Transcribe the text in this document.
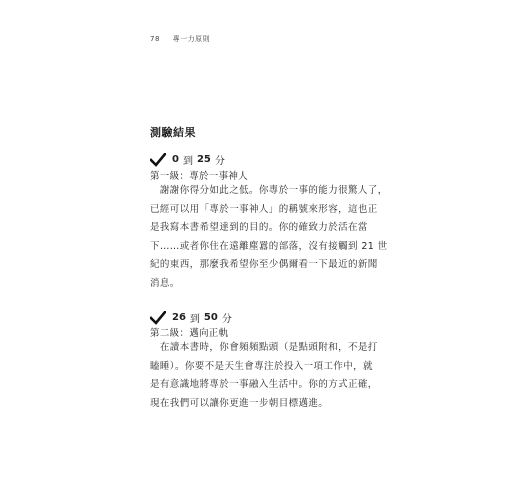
78 專一力原則
測驗結果
0 到 25 分
第一級：專於一事神人
　謝謝你得分如此之低。你專於一事的能力很驚人了，
已經可以用「專於一事神人」的稱號來形容，這也正
是我寫本書希望達到的目的。你的確致力於活在當
下……或者你住在遠離塵囂的部落，沒有接觸到 21 世
紀的東西，那麼我希望你至少偶爾看一下最近的新聞
消息。
26 到 50 分
第二級：邁向正軌
　在讀本書時，你會頻頻點頭（是點頭附和，不是打
瞌睡）。你要不是天生會專注於投入一項工作中，就
是有意識地將專於一事融入生活中。你的方式正確，
現在我們可以讓你更進一步朝目標邁進。
